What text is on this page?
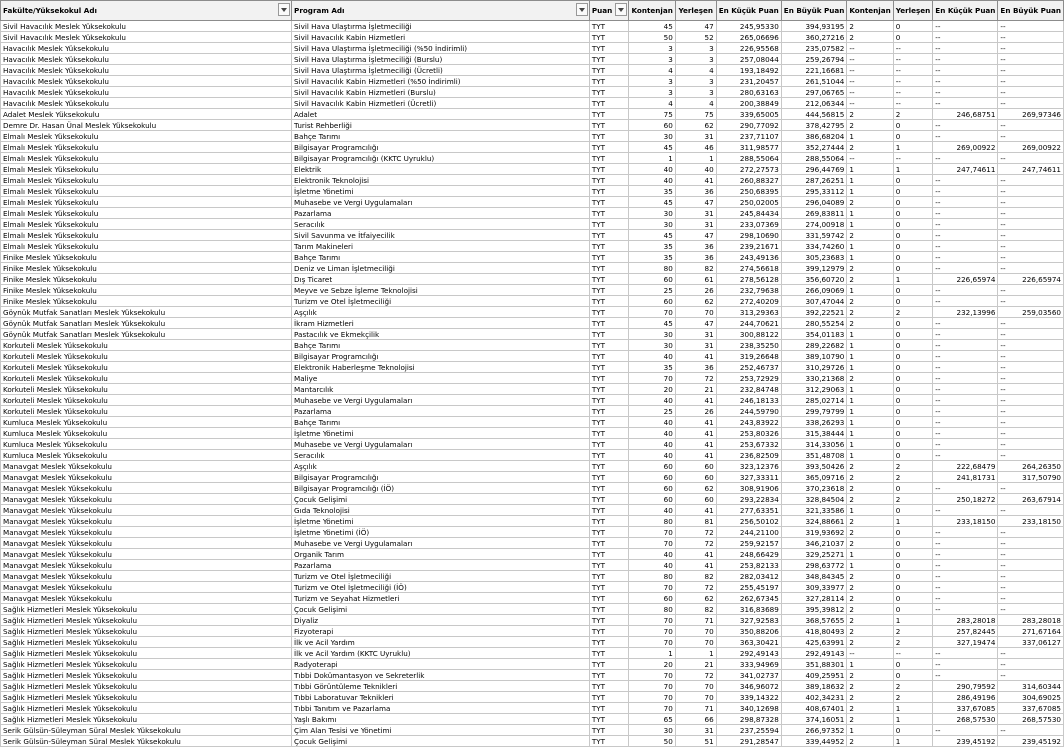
Fakülte/Yüksekokul Adı	Program Adı	Puan	Kontenjan	Yerleşen	En Küçük Puan	En Büyük Puan	Kontenjan	Yerleşen	En Küçük Puan	En Büyük Puan
Sivil Havacılık Meslek Yüksekokulu	Sivil Hava Ulaştırma İşletmeciliği	TYT	45	47	245,95330	394,93195	2	0	--	--
Sivil Havacılık Meslek Yüksekokulu	Sivil Havacılık Kabin Hizmetleri	TYT	50	52	265,06696	360,27216	2	0	--	--
Havacılık Meslek Yüksekokulu	Sivil Hava Ulaştırma İşletmeciliği (%50 İndirimli)	TYT	3	3	226,95568	235,07582	--	--	--	--
Havacılık Meslek Yüksekokulu	Sivil Hava Ulaştırma İşletmeciliği (Burslu)	TYT	3	3	257,08044	259,26794	--	--	--	--
Havacılık Meslek Yüksekokulu	Sivil Hava Ulaştırma İşletmeciliği (Ücretli)	TYT	4	4	193,18492	221,16681	--	--	--	--
Havacılık Meslek Yüksekokulu	Sivil Havacılık Kabin Hizmetleri (%50 İndirimli)	TYT	3	3	231,20457	261,51044	--	--	--	--
Havacılık Meslek Yüksekokulu	Sivil Havacılık Kabin Hizmetleri (Burslu)	TYT	3	3	280,63163	297,06765	--	--	--	--
Havacılık Meslek Yüksekokulu	Sivil Havacılık Kabin Hizmetleri (Ücretli)	TYT	4	4	200,38849	212,06344	--	--	--	--
Adalet Meslek Yüksekokulu	Adalet	TYT	75	75	339,65005	444,56815	2	2	246,68751	269,97346
Demre Dr. Hasan Ünal Meslek Yüksekokulu	Turist Rehberliği	TYT	60	62	290,77092	378,42795	2	0	--	--
Elmalı Meslek Yüksekokulu	Bahçe Tarımı	TYT	30	31	237,71107	386,68204	1	0	--	--
Elmalı Meslek Yüksekokulu	Bilgisayar Programcılığı	TYT	45	46	311,98577	352,27444	2	1	269,00922	269,00922
Elmalı Meslek Yüksekokulu	Bilgisayar Programcılığı (KKTC Uyruklu)	TYT	1	1	288,55064	288,55064	--	--	--	--
Elmalı Meslek Yüksekokulu	Elektrik	TYT	40	40	272,27573	296,44769	1	1	247,74611	247,74611
Elmalı Meslek Yüksekokulu	Elektronik Teknolojisi	TYT	40	41	260,88327	287,26251	1	0	--	--
Elmalı Meslek Yüksekokulu	İşletme Yönetimi	TYT	35	36	250,68395	295,33112	1	0	--	--
Elmalı Meslek Yüksekokulu	Muhasebe ve Vergi Uygulamaları	TYT	45	47	250,02005	296,04089	2	0	--	--
Elmalı Meslek Yüksekokulu	Pazarlama	TYT	30	31	245,84434	269,83811	1	0	--	--
Elmalı Meslek Yüksekokulu	Seracılık	TYT	30	31	233,07369	274,00918	1	0	--	--
Elmalı Meslek Yüksekokulu	Sivil Savunma ve İtfaiyecilik	TYT	45	47	298,10690	331,59742	2	0	--	--
Elmalı Meslek Yüksekokulu	Tarım Makineleri	TYT	35	36	239,21671	334,74260	1	0	--	--
Finike Meslek Yüksekokulu	Bahçe Tarımı	TYT	35	36	243,49136	305,23683	1	0	--	--
Finike Meslek Yüksekokulu	Deniz ve Liman İşletmeciliği	TYT	80	82	274,56618	399,12979	2	0	--	--
Finike Meslek Yüksekokulu	Dış Ticaret	TYT	60	61	278,56128	356,60720	2	1	226,65974	226,65974
Finike Meslek Yüksekokulu	Meyve ve Sebze İşleme Teknolojisi	TYT	25	26	232,79638	266,09069	1	0	--	--
Finike Meslek Yüksekokulu	Turizm ve Otel İşletmeciliği	TYT	60	62	272,40209	307,47044	2	0	--	--
Göynük Mutfak Sanatları Meslek Yüksekokulu	Aşçılık	TYT	70	70	313,29363	392,22521	2	2	232,13996	259,03560
Göynük Mutfak Sanatları Meslek Yüksekokulu	İkram Hizmetleri	TYT	45	47	244,70621	280,55254	2	0	--	--
Göynük Mutfak Sanatları Meslek Yüksekokulu	Pastacılık ve Ekmekçilik	TYT	30	31	300,88122	354,01183	1	0	--	--
Korkuteli Meslek Yüksekokulu	Bahçe Tarımı	TYT	30	31	238,35250	289,22682	1	0	--	--
Korkuteli Meslek Yüksekokulu	Bilgisayar Programcılığı	TYT	40	41	319,26648	389,10790	1	0	--	--
Korkuteli Meslek Yüksekokulu	Elektronik Haberleşme Teknolojisi	TYT	35	36	252,46737	310,29726	1	0	--	--
Korkuteli Meslek Yüksekokulu	Maliye	TYT	70	72	253,72929	330,21368	2	0	--	--
Korkuteli Meslek Yüksekokulu	Mantarcılık	TYT	20	21	232,84748	312,29063	1	0	--	--
Korkuteli Meslek Yüksekokulu	Muhasebe ve Vergi Uygulamaları	TYT	40	41	246,18133	285,02714	1	0	--	--
Korkuteli Meslek Yüksekokulu	Pazarlama	TYT	25	26	244,59790	299,79799	1	0	--	--
Kumluca Meslek Yüksekokulu	Bahçe Tarımı	TYT	40	41	243,83922	338,26293	1	0	--	--
Kumluca Meslek Yüksekokulu	İşletme Yönetimi	TYT	40	41	253,80326	315,38444	1	0	--	--
Kumluca Meslek Yüksekokulu	Muhasebe ve Vergi Uygulamaları	TYT	40	41	253,67332	314,33056	1	0	--	--
Kumluca Meslek Yüksekokulu	Seracılık	TYT	40	41	236,82509	351,48708	1	0	--	--
Manavgat Meslek Yüksekokulu	Aşçılık	TYT	60	60	323,12376	393,50426	2	2	222,68479	264,26350
Manavgat Meslek Yüksekokulu	Bilgisayar Programcılığı	TYT	60	60	327,33311	365,09716	2	2	241,81731	317,50790
Manavgat Meslek Yüksekokulu	Bilgisayar Programcılığı (İÖ)	TYT	60	62	308,91906	370,23618	2	0	--	--
Manavgat Meslek Yüksekokulu	Çocuk Gelişimi	TYT	60	60	293,22834	328,84504	2	2	250,18272	263,67914
Manavgat Meslek Yüksekokulu	Gıda Teknolojisi	TYT	40	41	277,63351	321,33586	1	0	--	--
Manavgat Meslek Yüksekokulu	İşletme Yönetimi	TYT	80	81	256,50102	324,88661	2	1	233,18150	233,18150
Manavgat Meslek Yüksekokulu	İşletme Yönetimi (İÖ)	TYT	70	72	244,21100	319,93692	2	0	--	--
Manavgat Meslek Yüksekokulu	Muhasebe ve Vergi Uygulamaları	TYT	70	72	259,92157	346,21037	2	0	--	--
Manavgat Meslek Yüksekokulu	Organik Tarım	TYT	40	41	248,66429	329,25271	1	0	--	--
Manavgat Meslek Yüksekokulu	Pazarlama	TYT	40	41	253,82133	298,63772	1	0	--	--
Manavgat Meslek Yüksekokulu	Turizm ve Otel İşletmeciliği	TYT	80	82	282,03412	348,84345	2	0	--	--
Manavgat Meslek Yüksekokulu	Turizm ve Otel İşletmeciliği (İÖ)	TYT	70	72	255,45197	309,33977	2	0	--	--
Manavgat Meslek Yüksekokulu	Turizm ve Seyahat Hizmetleri	TYT	60	62	262,67345	327,28114	2	0	--	--
Sağlık Hizmetleri Meslek Yüksekokulu	Çocuk Gelişimi	TYT	80	82	316,83689	395,39812	2	0	--	--
Sağlık Hizmetleri Meslek Yüksekokulu	Diyaliz	TYT	70	71	327,92583	368,57655	2	1	283,28018	283,28018
Sağlık Hizmetleri Meslek Yüksekokulu	Fizyoterapi	TYT	70	70	350,88206	418,80493	2	2	257,82445	271,67164
Sağlık Hizmetleri Meslek Yüksekokulu	İlk ve Acil Yardım	TYT	70	70	363,30421	425,63991	2	2	327,19474	337,06127
Sağlık Hizmetleri Meslek Yüksekokulu	İlk ve Acil Yardım (KKTC Uyruklu)	TYT	1	1	292,49143	292,49143	--	--	--	--
Sağlık Hizmetleri Meslek Yüksekokulu	Radyoterapi	TYT	20	21	333,94969	351,88301	1	0	--	--
Sağlık Hizmetleri Meslek Yüksekokulu	Tıbbi Dokümantasyon ve Sekreterlik	TYT	70	72	341,02737	409,25951	2	0	--	--
Sağlık Hizmetleri Meslek Yüksekokulu	Tıbbi Görüntüleme Teknikleri	TYT	70	70	346,96072	389,18632	2	2	290,79592	314,60344
Sağlık Hizmetleri Meslek Yüksekokulu	Tıbbi Laboratuvar Teknikleri	TYT	70	70	339,14322	402,34231	2	2	286,49196	304,69025
Sağlık Hizmetleri Meslek Yüksekokulu	Tıbbi Tanıtım ve Pazarlama	TYT	70	71	340,12698	408,67401	2	1	337,67085	337,67085
Sağlık Hizmetleri Meslek Yüksekokulu	Yaşlı Bakımı	TYT	65	66	298,87328	374,16051	2	1	268,57530	268,57530
Serik Gülsün-Süleyman Süral Meslek Yüksekokulu	Çim Alan Tesisi ve Yönetimi	TYT	30	31	237,25594	266,97352	1	0	--	--
Serik Gülsün-Süleyman Süral Meslek Yüksekokulu	Çocuk Gelişimi	TYT	50	51	291,28547	339,44952	2	1	239,45192	239,45192
